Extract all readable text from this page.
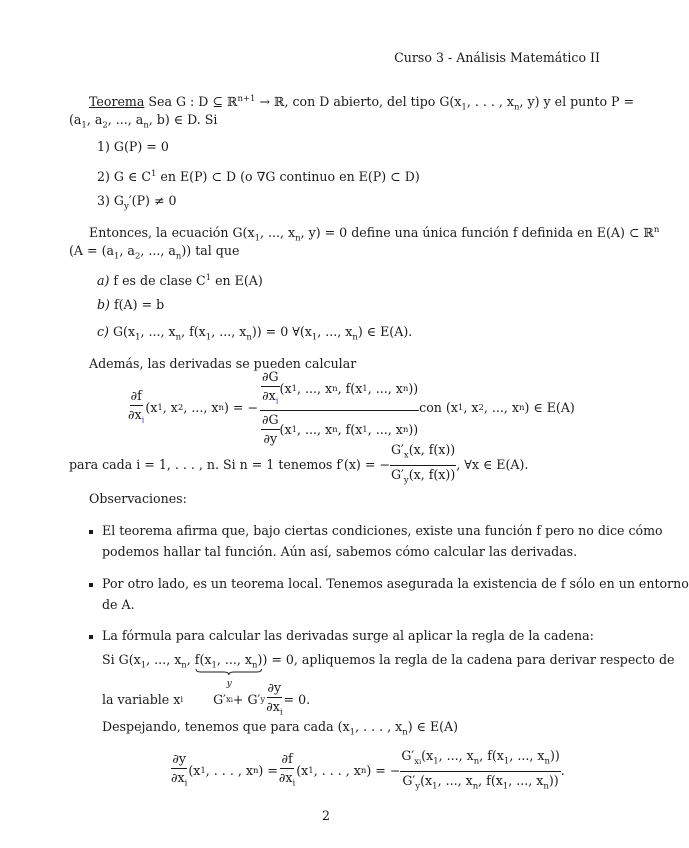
Curso 3 - Análisis Matemático II
Teorema Sea G : D ⊆ ℝ$^{n+1}$ → ℝ, con D abierto, del tipo $G(x_1$, . . . , $x_n$, y) y el punto P =
($a_1$, $a_2$, ..., $a_n$, b) ∈ D. Si
1) G(P) = 0
2) G ∈ $C^1$ en E(P) ⊂ D (o ∇G continuo en E(P) ⊂ D)
3) $G_y'(P) \ne 0$
Entonces, la ecuación $G(x_1$, ..., $x_n$, y) = 0 define una única función f definida en E(A) ⊂ ℝ$^n$
($A = (a_1$, $a_2$, ..., $a_n$)) tal que
a) f es de clase $C^1$ en E(A)
b) f(A) = b
c) $G(x_1$, ..., $x_n$, $f(x_1$, ..., $x_n)) = 0$ $\forall(x_1$, ..., $x_n$) ∈ E(A).
Además, las derivadas se pueden calcular
$\frac{\partial f}{\partial x_i} (x$ 1 , x 2 , ..., x n ) = − $\frac{\frac{\partial G}{\partial x_i} (x 1 , ..., x n , f(x 1 , ..., x n ))}{\frac{\partial G}{\partial y} (x 1 , ..., x n , f(x 1 , ..., x n ))}$ con (x 1 , x 2 , ..., x n ) ∈ E(A)
para cada i = 1, . . . , n. Si n = 1 tenemos f′(x) = − $\frac{G'_x(x, f(x))}{G'_y(x, f(x))}$ , ∀x ∈ E(A).
Observaciones:
El teorema afirma que, bajo ciertas condiciones, existe una función f pero no dice cómo
podemos hallar tal función. Aún así, sabemos cómo calcular las derivadas.
Por otro lado, es un teorema local. Tenemos asegurada la existencia de f sólo en un entorno
de A.
La fórmula para calcular las derivadas surge al aplicar la regla de la cadena:
Si $G(x_1$, ..., $x_n$, $f(x_1$, ..., $x_n$)
y
) = 0, apliquemos la regla de la cadena para derivar respecto de
la variable x i G′ xi + G′ y $\frac{\partial y}{\partial x_i} = 0$.
Despejando, tenemos que para cada ($x_1$, . . . , $x_n$) ∈ E(A)
$\frac{\partial y}{\partial x_i} (x$ 1 , . . . , x n ) = $\frac{\partial f}{\partial x_i} (x$ 1 , . . . , x n ) = − $\frac{G'_{xi}(x_1, ..., x_n, f(x_1, ..., x_n))}{G'_y(x_1, ..., x_n, f(x_1, ..., x_n))}$ .
2
